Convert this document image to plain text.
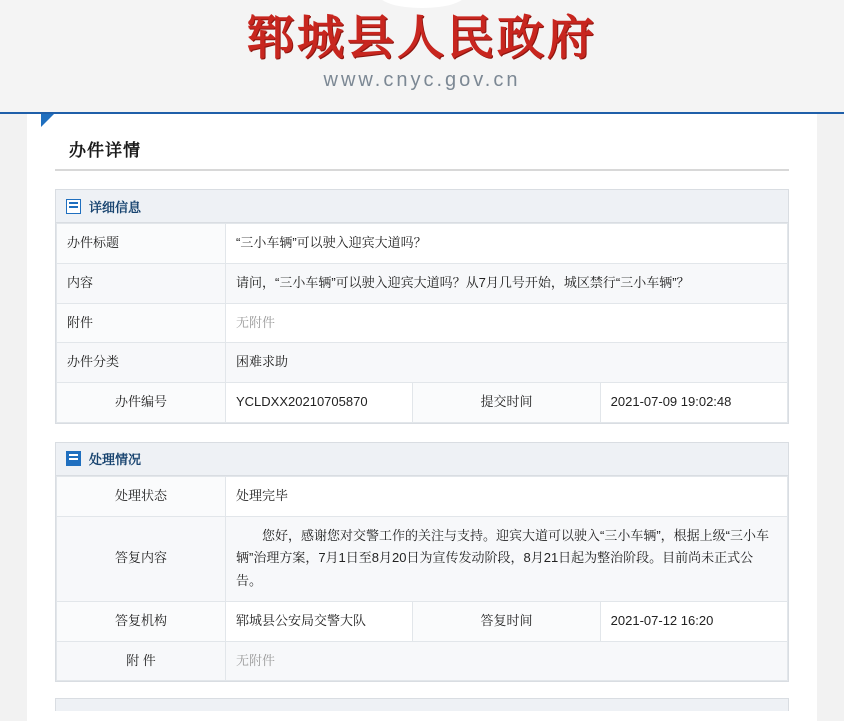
郓城县人民政府
www.cnyc.gov.cn
办件详情
详细信息
办件标题	“三小车辆”可以驶入迎宾大道吗？		
内容	请问，“三小车辆”可以驶入迎宾大道吗？从7月几号开始，城区禁行“三小车辆”？		
附件	无附件		
办件分类	困难求助		
办件编号	YCLDXX20210705870	提交时间	2021-07-09 19:02:48
处理情况
处理状态	处理完毕		
答复内容	您好，感谢您对交警工作的关注与支持。迎宾大道可以驶入“三小车辆”，根据上级“三小车辆”治理方案，7月1日至8月20日为宣传发动阶段，8月21日起为整治阶段。目前尚未正式公告。		
答复机构	郓城县公安局交警大队	答复时间	2021-07-12 16:20
附 件	无附件		
